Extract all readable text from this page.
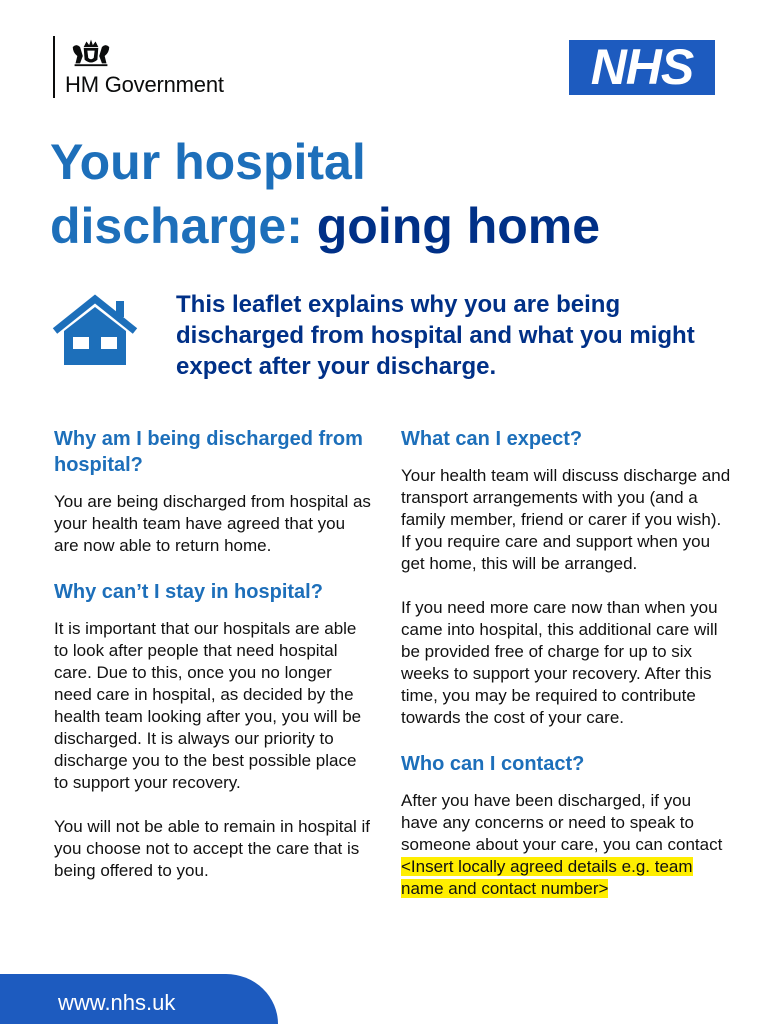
HM Government	NHS
Your hospital
discharge: going home
This leaflet explains why you are being discharged from hospital and what you might expect after your discharge.
Why am I being discharged from hospital?

You are being discharged from hospital as your health team have agreed that you are now able to return home.

Why can’t I stay in hospital?

It is important that our hospitals are able to look after people that need hospital care. Due to this, once you no longer need care in hospital, as decided by the health team looking after you, you will be discharged. It is always our priority to discharge you to the best possible place to support your recovery.

You will not be able to remain in hospital if you choose not to accept the care that is being offered to you.

What can I expect?

Your health team will discuss discharge and transport arrangements with you (and a family member, friend or carer if you wish). If you require care and support when you get home, this will be arranged.

If you need more care now than when you came into hospital, this additional care will be provided free of charge for up to six weeks to support your recovery. After this time, you may be required to contribute towards the cost of your care.

Who can I contact?

After you have been discharged, if you have any concerns or need to speak to someone about your care, you can contact <Insert locally agreed details e.g. team name and contact number>

www.nhs.uk
